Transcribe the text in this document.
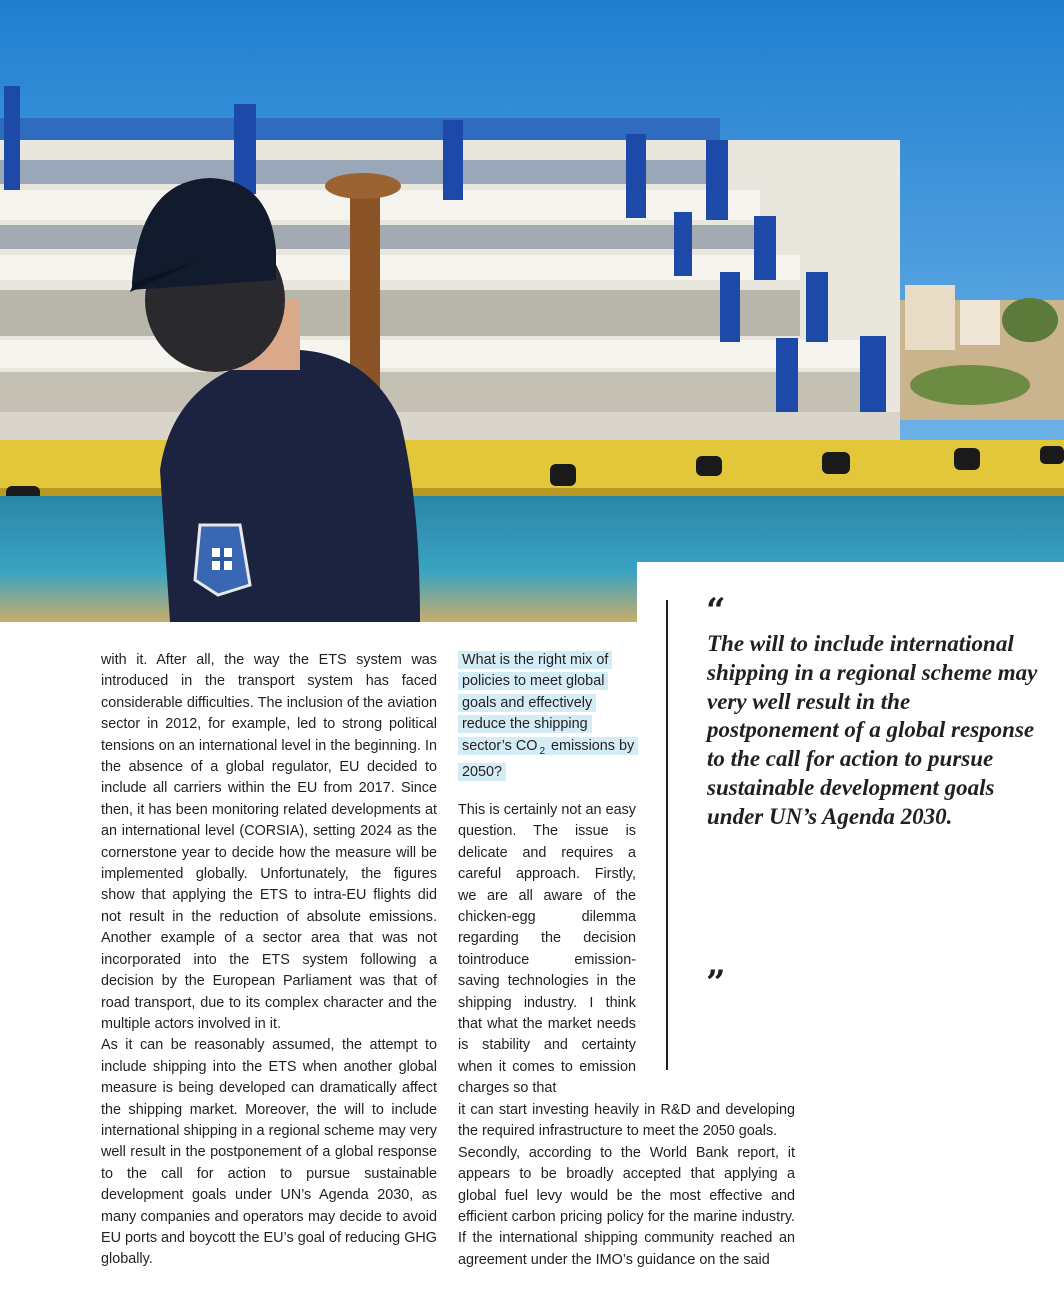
“

The will to include international shipping in a regional scheme may very well result in the postponement of a global response to the call for action to pursue sustainable development goals under UN’s Agenda 2030.

”

with it. After all, the way the ETS system was introduced in the transport system has faced considerable difficulties. The inclusion of the aviation sector in 2012, for example, led to strong political tensions on an international level in the beginning. In the absence of a global regulator, EU decided to include all carriers within the EU from 2017. Since then, it has been monitoring related developments at an international level (CORSIA), setting 2024 as the cornerstone year to decide how the measure will be implemented globally. Unfortunately, the figures show that applying the ETS to intra-EU flights did not result in the reduction of absolute emissions. Another example of a sector area that was not incorporated into the ETS system following a decision by the European Parliament was that of road transport, due to its complex character and the multiple actors involved in it.

As it can be reasonably assumed, the attempt to include shipping into the ETS when another global measure is being developed can dramatically affect the shipping market. Moreover, the will to include international shipping in a regional scheme may very well result in the postponement of a global response to the call for action to pursue sustainable development goals under UN’s Agenda 2030, as many companies and operators may decide to avoid EU ports and boycott the EU’s goal of reducing GHG globally.

What is the right mix of policies to meet global goals and effectively reduce the shipping sector’s CO $_2$ emissions by 2050?

This is certainly not an easy question. The issue is delicate and requires a careful approach. Firstly, we are all aware of the chicken-egg dilemma regarding the decision tointroduce emission-saving technologies in the shipping industry. I think that what the market needs is stability and certainty when it comes to emission charges so that

it can start investing heavily in R&D and developing the required infrastructure to meet the 2050 goals.

Secondly, according to the World Bank report, it appears to be broadly accepted that applying a global fuel levy would be the most effective and efficient carbon pricing policy for the marine industry. If the international shipping community reached an agreement under the IMO’s guidance on the said
